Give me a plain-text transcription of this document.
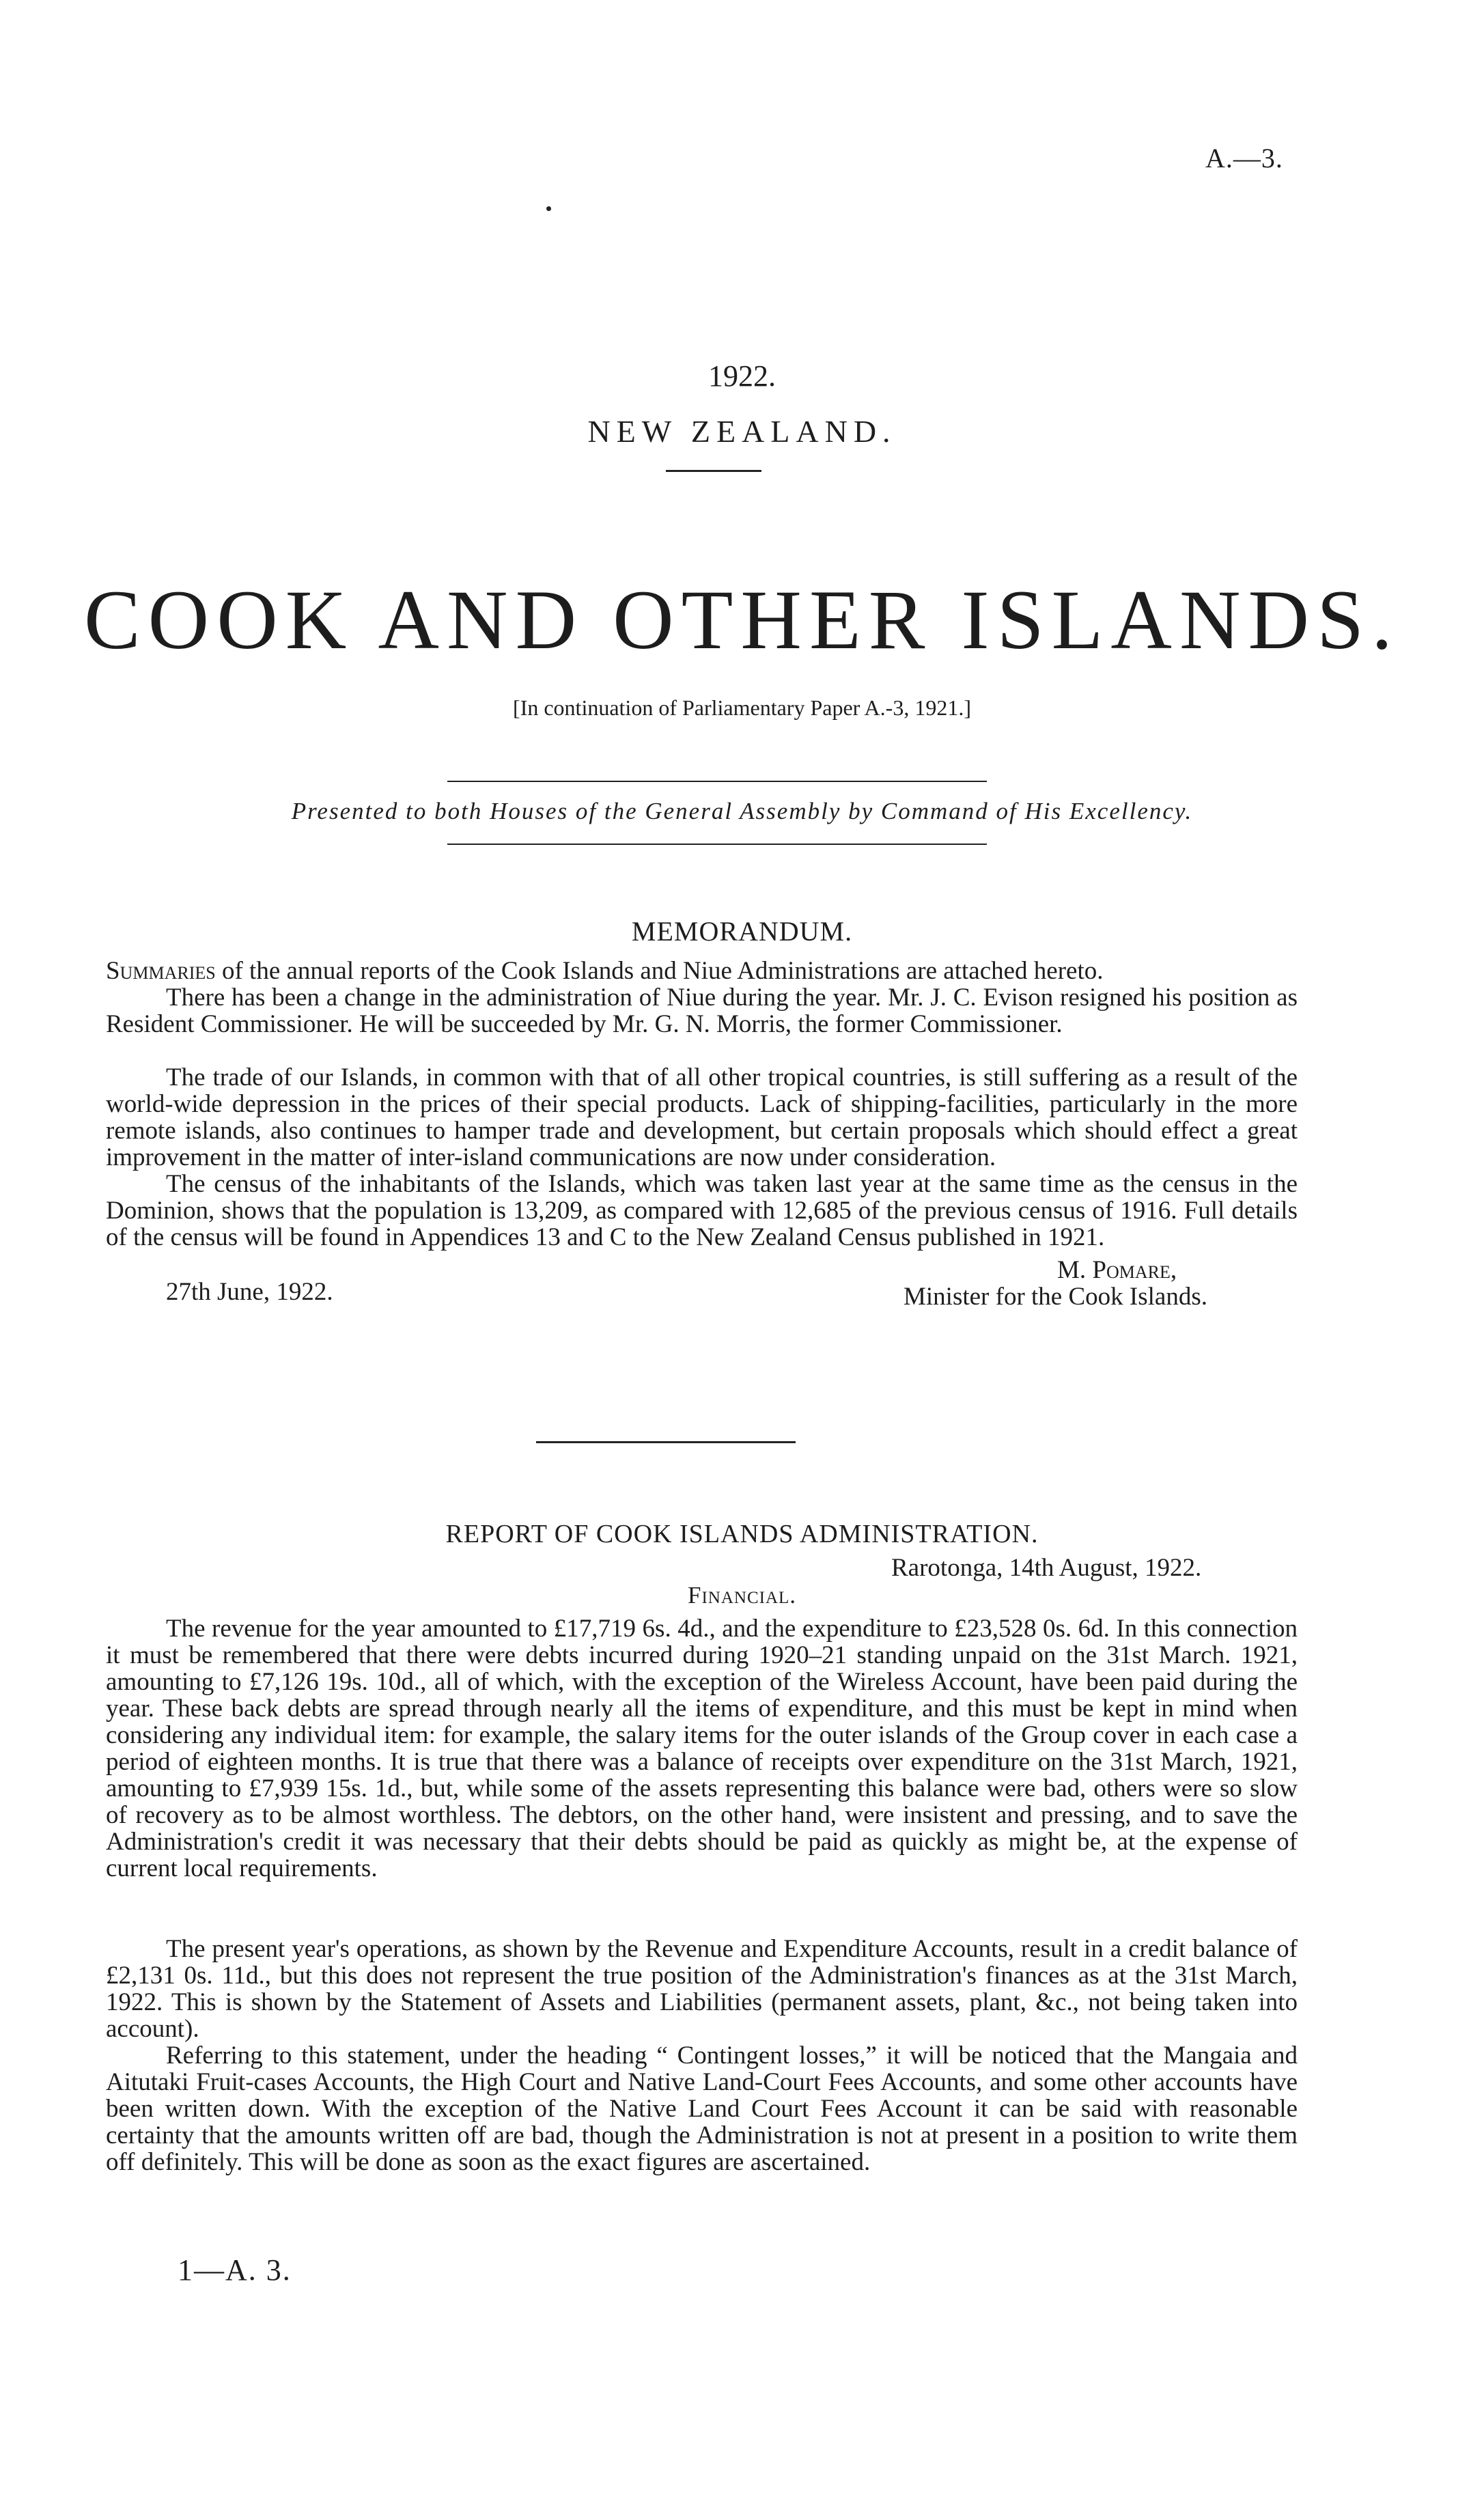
A.—3.
1922.
NEW ZEALAND.
COOK AND OTHER ISLANDS.
[In continuation of Parliamentary Paper A.-3, 1921.]
Presented to both Houses of the General Assembly by Command of His Excellency.
MEMORANDUM.

Summaries of the annual reports of the Cook Islands and Niue Administrations are attached hereto.

There has been a change in the administration of Niue during the year. Mr. J. C. Evison resigned his position as Resident Commissioner. He will be succeeded by Mr. G. N. Morris, the former Commissioner.

The trade of our Islands, in common with that of all other tropical countries, is still suffering as a result of the world-wide depression in the prices of their special products. Lack of shipping-facilities, particularly in the more remote islands, also continues to hamper trade and development, but certain proposals which should effect a great improvement in the matter of inter-island communications are now under consideration.

The census of the inhabitants of the Islands, which was taken last year at the same time as the census in the Dominion, shows that the population is 13,209, as compared with 12,685 of the previous census of 1916. Full details of the census will be found in Appendices 13 and C to the New Zealand Census published in 1921.

27th June, 1922.
M. Pomare,
Minister for the Cook Islands.
REPORT OF COOK ISLANDS ADMINISTRATION.
Rarotonga, 14th August, 1922.
Financial.

The revenue for the year amounted to £17,719 6s. 4d., and the expenditure to £23,528 0s. 6d. In this connection it must be remembered that there were debts incurred during 1920–21 standing unpaid on the 31st March. 1921, amounting to £7,126 19s. 10d., all of which, with the exception of the Wireless Account, have been paid during the year. These back debts are spread through nearly all the items of expenditure, and this must be kept in mind when considering any individual item: for example, the salary items for the outer islands of the Group cover in each case a period of eighteen months. It is true that there was a balance of receipts over expenditure on the 31st March, 1921, amounting to £7,939 15s. 1d., but, while some of the assets representing this balance were bad, others were so slow of recovery as to be almost worthless. The debtors, on the other hand, were insistent and pressing, and to save the Administration's credit it was necessary that their debts should be paid as quickly as might be, at the expense of current local requirements.

The present year's operations, as shown by the Revenue and Expenditure Accounts, result in a credit balance of £2,131 0s. 11d., but this does not represent the true position of the Administration's finances as at the 31st March, 1922. This is shown by the Statement of Assets and Liabilities (permanent assets, plant, &c., not being taken into account).

Referring to this statement, under the heading “ Contingent losses,” it will be noticed that the Mangaia and Aitutaki Fruit-cases Accounts, the High Court and Native Land-Court Fees Accounts, and some other accounts have been written down. With the exception of the Native Land Court Fees Account it can be said with reasonable certainty that the amounts written off are bad, though the Administration is not at present in a position to write them off definitely. This will be done as soon as the exact figures are ascertained.

1—A. 3.
